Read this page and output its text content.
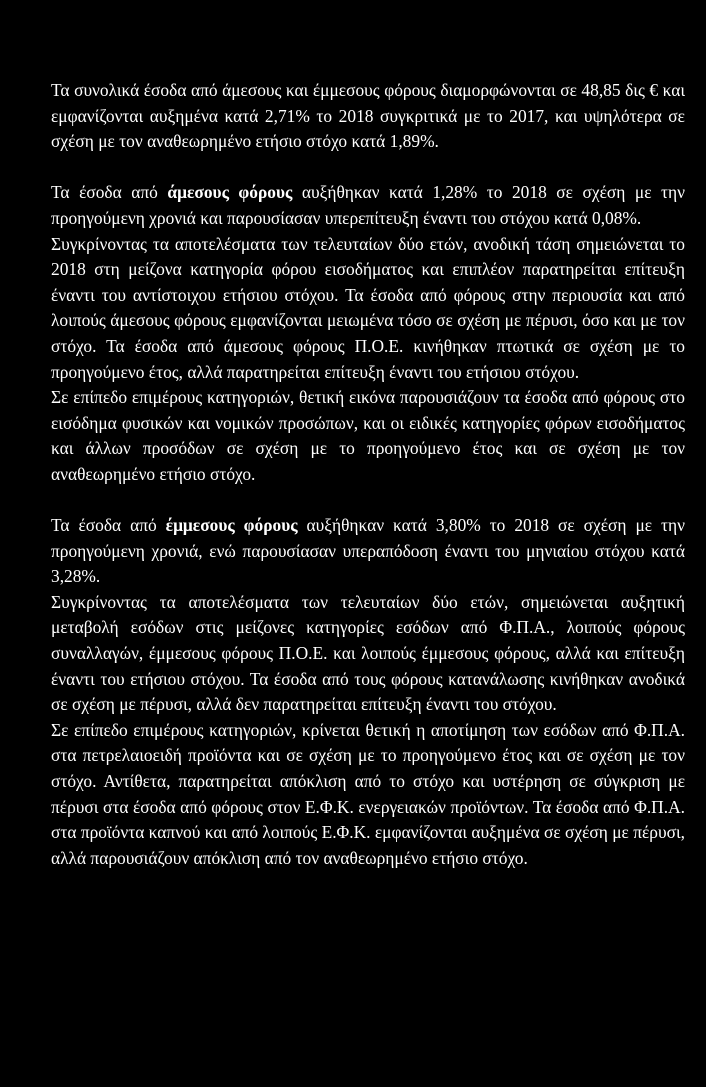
Τα συνολικά έσοδα από άμεσους και έμμεσους φόρους διαμορφώνονται σε 48,85 δις € και εμφανίζονται αυξημένα κατά 2,71% το 2018 συγκριτικά με το 2017, και υψηλότερα σε σχέση με τον αναθεωρημένο ετήσιο στόχο κατά 1,89%.

Τα έσοδα από άμεσους φόρους αυξήθηκαν κατά 1,28% το 2018 σε σχέση με την προηγούμενη χρονιά και παρουσίασαν υπερεπίτευξη έναντι του στόχου κατά 0,08%.

Συγκρίνοντας τα αποτελέσματα των τελευταίων δύο ετών, ανοδική τάση σημειώνεται το 2018 στη μείζονα κατηγορία φόρου εισοδήματος και επιπλέον παρατηρείται επίτευξη έναντι του αντίστοιχου ετήσιου στόχου. Τα έσοδα από φόρους στην περιουσία και από λοιπούς άμεσους φόρους εμφανίζονται μειωμένα τόσο σε σχέση με πέρυσι, όσο και με τον στόχο. Τα έσοδα από άμεσους φόρους Π.Ο.Ε. κινήθηκαν πτωτικά σε σχέση με το προηγούμενο έτος, αλλά παρατηρείται επίτευξη έναντι του ετήσιου στόχου.

Σε επίπεδο επιμέρους κατηγοριών, θετική εικόνα παρουσιάζουν τα έσοδα από φόρους στο εισόδημα φυσικών και νομικών προσώπων, και οι ειδικές κατηγορίες φόρων εισοδήματος και άλλων προσόδων σε σχέση με το προηγούμενο έτος και σε σχέση με τον αναθεωρημένο ετήσιο στόχο.

Τα έσοδα από έμμεσους φόρους αυξήθηκαν κατά 3,80% το 2018 σε σχέση με την προηγούμενη χρονιά, ενώ παρουσίασαν υπεραπόδοση έναντι του μηνιαίου στόχου κατά 3,28%.

Συγκρίνοντας τα αποτελέσματα των τελευταίων δύο ετών, σημειώνεται αυξητική μεταβολή εσόδων στις μείζονες κατηγορίες εσόδων από Φ.Π.Α., λοιπούς φόρους συναλλαγών, έμμεσους φόρους Π.Ο.Ε. και λοιπούς έμμεσους φόρους, αλλά και επίτευξη έναντι του ετήσιου στόχου. Τα έσοδα από τους φόρους κατανάλωσης κινήθηκαν ανοδικά σε σχέση με πέρυσι, αλλά δεν παρατηρείται επίτευξη έναντι του στόχου.

Σε επίπεδο επιμέρους κατηγοριών, κρίνεται θετική η αποτίμηση των εσόδων από Φ.Π.Α. στα πετρελαιοειδή προϊόντα και σε σχέση με το προηγούμενο έτος και σε σχέση με τον στόχο. Αντίθετα, παρατηρείται απόκλιση από το στόχο και υστέρηση σε σύγκριση με πέρυσι στα έσοδα από φόρους στον Ε.Φ.Κ. ενεργειακών προϊόντων. Τα έσοδα από Φ.Π.Α. στα προϊόντα καπνού και από λοιπούς Ε.Φ.Κ. εμφανίζονται αυξημένα σε σχέση με πέρυσι, αλλά παρουσιάζουν απόκλιση από τον αναθεωρημένο ετήσιο στόχο.
